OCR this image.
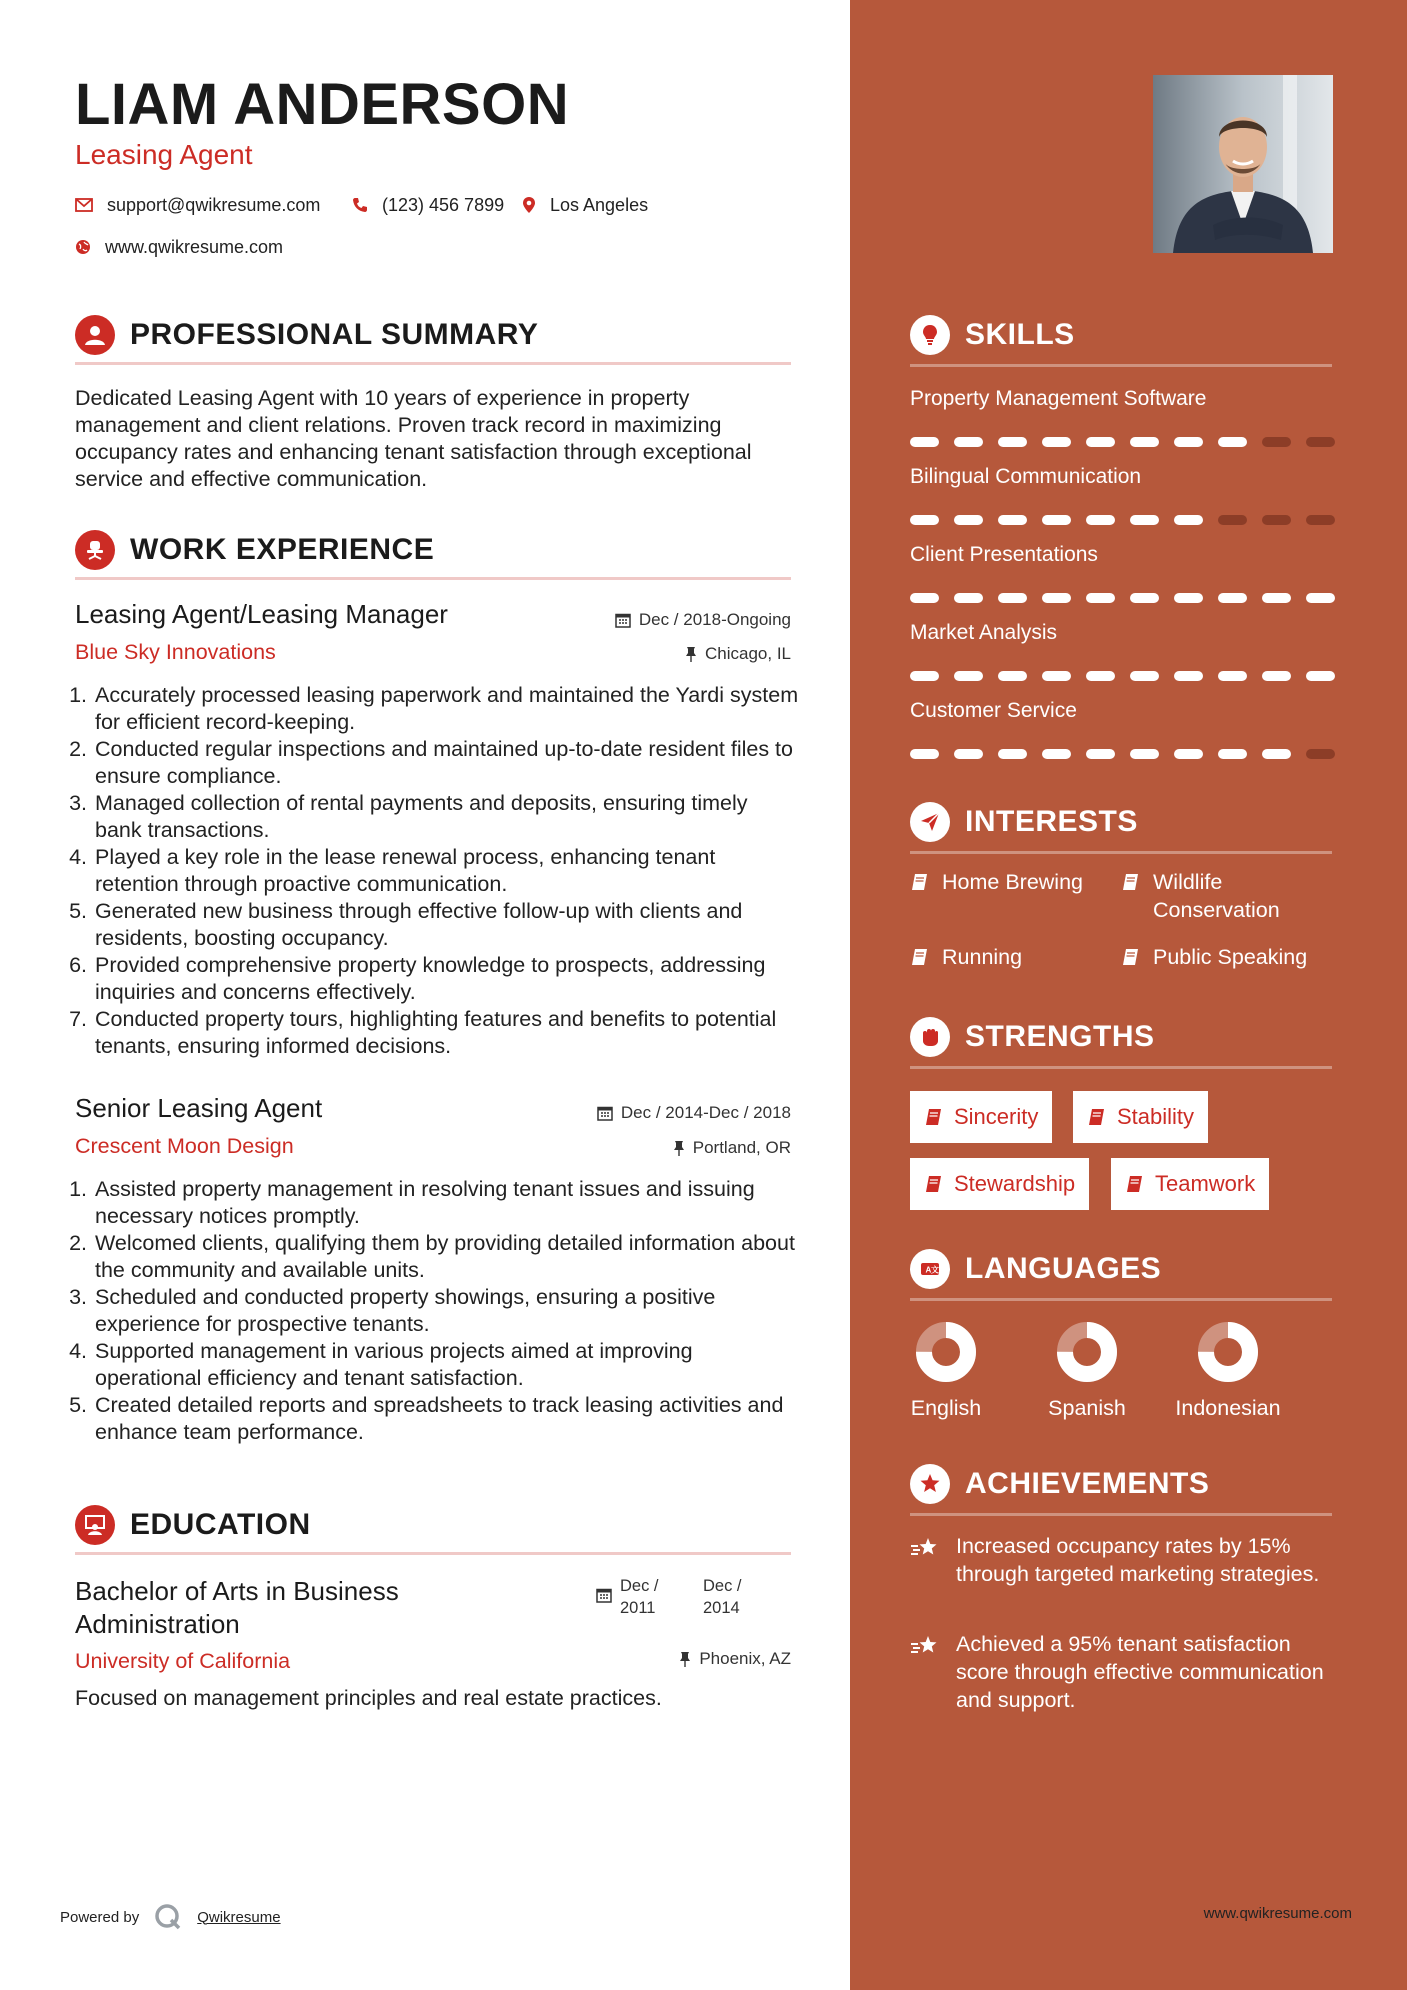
LIAM ANDERSON
Leasing Agent
support@qwikresume.com	(123) 456 7899	Los Angeles
www.qwikresume.com
PROFESSIONAL SUMMARY
Dedicated Leasing Agent with 10 years of experience in property management and client relations. Proven track record in maximizing occupancy rates and enhancing tenant satisfaction through exceptional service and effective communication.
WORK EXPERIENCE
Leasing Agent/Leasing Manager	Dec / 2018-Ongoing
Blue Sky Innovations	Chicago, IL
1. Accurately processed leasing paperwork and maintained the Yardi system for efficient record-keeping.
2. Conducted regular inspections and maintained up-to-date resident files to ensure compliance.
3. Managed collection of rental payments and deposits, ensuring timely bank transactions.
4. Played a key role in the lease renewal process, enhancing tenant retention through proactive communication.
5. Generated new business through effective follow-up with clients and residents, boosting occupancy.
6. Provided comprehensive property knowledge to prospects, addressing inquiries and concerns effectively.
7. Conducted property tours, highlighting features and benefits to potential tenants, ensuring informed decisions.
Senior Leasing Agent	Dec / 2014-Dec / 2018
Crescent Moon Design	Portland, OR
1. Assisted property management in resolving tenant issues and issuing necessary notices promptly.
2. Welcomed clients, qualifying them by providing detailed information about the community and available units.
3. Scheduled and conducted property showings, ensuring a positive experience for prospective tenants.
4. Supported management in various projects aimed at improving operational efficiency and tenant satisfaction.
5. Created detailed reports and spreadsheets to track leasing activities and enhance team performance.
EDUCATION
Bachelor of Arts in Business Administration
Dec /
2011
Dec /
2014
University of California	Phoenix, AZ
Focused on management principles and real estate practices.
Powered by	Qwikresume
SKILLS
Property Management Software
Bilingual Communication
Client Presentations
Market Analysis
Customer Service
INTERESTS
Home Brewing	Wildlife Conservation
Running	Public Speaking
STRENGTHS
Sincerity	Stability
Stewardship	Teamwork
A 文 LANGUAGES
English	Spanish	Indonesian
ACHIEVEMENTS
Increased occupancy rates by 15% through targeted marketing strategies.
Achieved a 95% tenant satisfaction score through effective communication and support.
www.qwikresume.com
